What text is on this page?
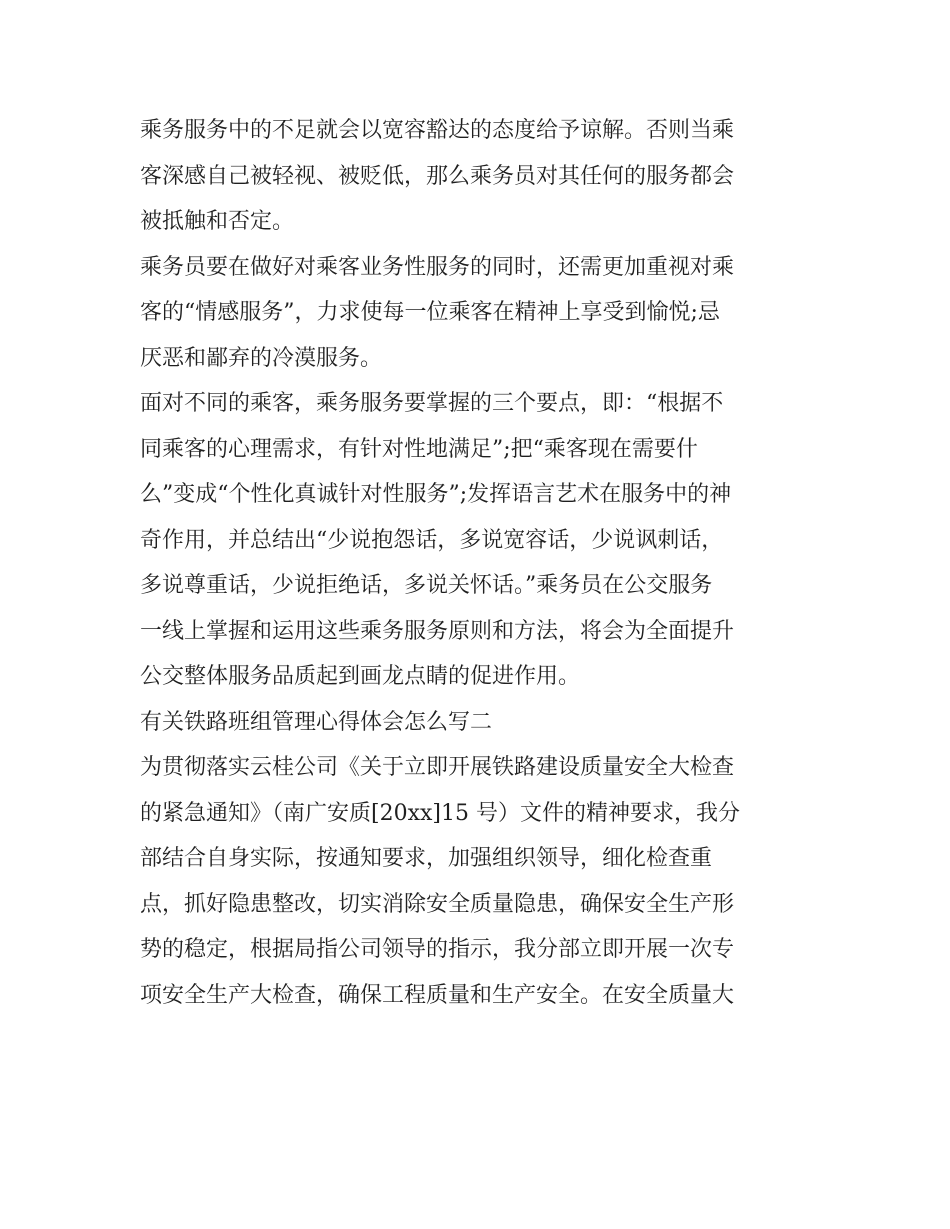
乘务服务中的不足就会以宽容豁达的态度给予谅解。否则当乘
客深感自己被轻视、被贬低，那么乘务员对其任何的服务都会
被抵触和否定。
乘务员要在做好对乘客业务性服务的同时，还需更加重视对乘
客的“情感服务”，力求使每一位乘客在精神上享受到愉悦;忌
厌恶和鄙弃的冷漠服务。
面对不同的乘客，乘务服务要掌握的三个要点，即：“根据不
同乘客的心理需求，有针对性地满足”;把“乘客现在需要什
么”变成“个性化真诚针对性服务”;发挥语言艺术在服务中的神
奇作用，并总结出“少说抱怨话，多说宽容话，少说讽刺话，
多说尊重话，少说拒绝话，多说关怀话。”乘务员在公交服务
一线上掌握和运用这些乘务服务原则和方法，将会为全面提升
公交整体服务品质起到画龙点睛的促进作用。
有关铁路班组管理心得体会怎么写二
为贯彻落实云桂公司《关于立即开展铁路建设质量安全大检查
的紧急通知》（南广安质[20xx]15 号）文件的精神要求，我分
部结合自身实际，按通知要求，加强组织领导，细化检查重
点，抓好隐患整改，切实消除安全质量隐患，确保安全生产形
势的稳定，根据局指公司领导的指示，我分部立即开展一次专
项安全生产大检查，确保工程质量和生产安全。在安全质量大
